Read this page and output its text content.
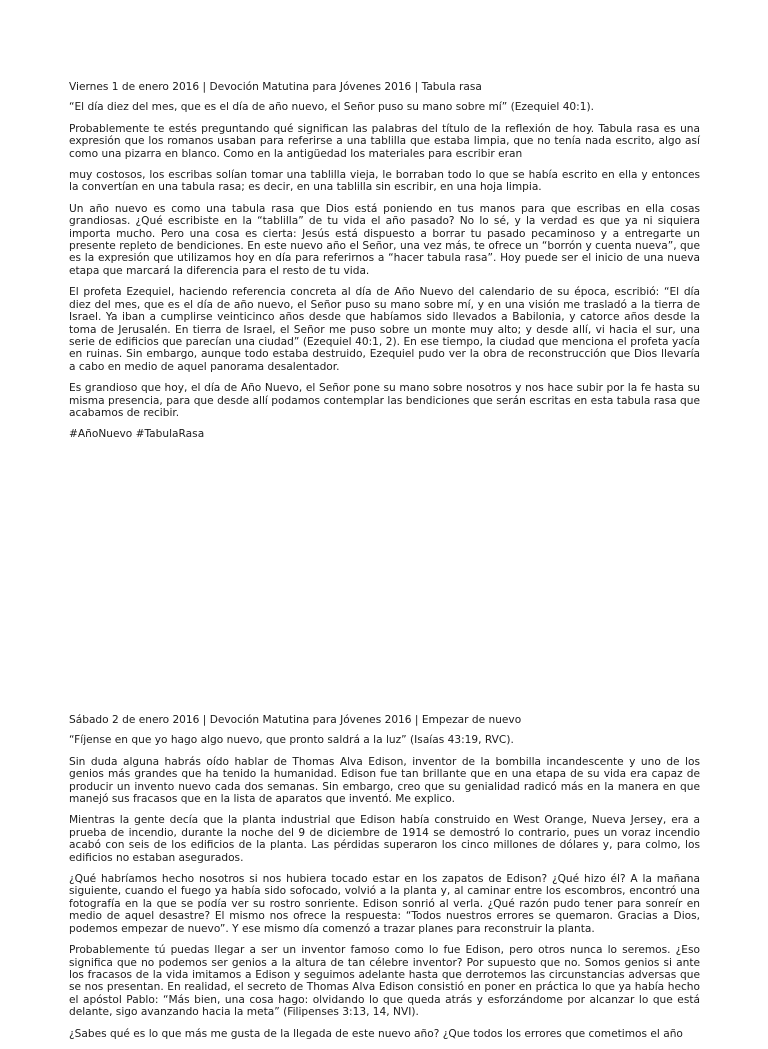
Viernes 1 de enero 2016 | Devoción Matutina para Jóvenes 2016 | Tabula rasa

“El día diez del mes, que es el día de año nuevo, el Señor puso su mano sobre mí” (Ezequiel 40:1).

Probablemente te estés preguntando qué significan las palabras del título de la reflexión de hoy. Tabula rasa es una expresión que los romanos usaban para referirse a una tablilla que estaba limpia, que no tenía nada escrito, algo así como una pizarra en blanco. Como en la antigüedad los materiales para escribir eran

muy costosos, los escribas solían tomar una tablilla vieja, le borraban todo lo que se había escrito en ella y entonces la convertían en una tabula rasa; es decir, en una tablilla sin escribir, en una hoja limpia.

Un año nuevo es como una tabula rasa que Dios está poniendo en tus manos para que escribas en ella cosas grandiosas. ¿Qué escribiste en la “tablilla” de tu vida el año pasado? No lo sé, y la verdad es que ya ni siquiera importa mucho. Pero una cosa es cierta: Jesús está dispuesto a borrar tu pasado pecaminoso y a entregarte un presente repleto de bendiciones. En este nuevo año el Señor, una vez más, te ofrece un “borrón y cuenta nueva”, que es la expresión que utilizamos hoy en día para referirnos a “hacer tabula rasa”. Hoy puede ser el inicio de una nueva etapa que marcará la diferencia para el resto de tu vida.

El profeta Ezequiel, haciendo referencia concreta al día de Año Nuevo del calendario de su época, escribió: “El día diez del mes, que es el día de año nuevo, el Señor puso su mano sobre mí, y en una visión me trasladó a la tierra de Israel. Ya iban a cumplirse veinticinco años desde que habíamos sido llevados a Babilonia, y catorce años desde la toma de Jerusalén. En tierra de Israel, el Señor me puso sobre un monte muy alto; y desde allí, vi hacia el sur, una serie de edificios que parecían una ciudad” (Ezequiel 40:1, 2). En ese tiempo, la ciudad que menciona el profeta yacía en ruinas. Sin embargo, aunque todo estaba destruido, Ezequiel pudo ver la obra de reconstrucción que Dios llevaría a cabo en medio de aquel panorama desalentador.

Es grandioso que hoy, el día de Año Nuevo, el Señor pone su mano sobre nosotros y nos hace subir por la fe hasta su misma presencia, para que desde allí podamos contemplar las bendiciones que serán escritas en esta tabula rasa que acabamos de recibir.

#AñoNuevo #TabulaRasa

Sábado 2 de enero 2016 | Devoción Matutina para Jóvenes 2016 | Empezar de nuevo

“Fíjense en que yo hago algo nuevo, que pronto saldrá a la luz” (Isaías 43:19, RVC).

Sin duda alguna habrás oído hablar de Thomas Alva Edison, inventor de la bombilla incandescente y uno de los genios más grandes que ha tenido la humanidad. Edison fue tan brillante que en una etapa de su vida era capaz de producir un invento nuevo cada dos semanas. Sin embargo, creo que su genialidad radicó más en la manera en que manejó sus fracasos que en la lista de aparatos que inventó. Me explico.

Mientras la gente decía que la planta industrial que Edison había construido en West Orange, Nueva Jersey, era a prueba de incendio, durante la noche del 9 de diciembre de 1914 se demostró lo contrario, pues un voraz incendio acabó con seis de los edificios de la planta. Las pérdidas superaron los cinco millones de dólares y, para colmo, los edificios no estaban asegurados.

¿Qué habríamos hecho nosotros si nos hubiera tocado estar en los zapatos de Edison? ¿Qué hizo él? A la mañana siguiente, cuando el fuego ya había sido sofocado, volvió a la planta y, al caminar entre los escombros, encontró una fotografía en la que se podía ver su rostro sonriente. Edison sonrió al verla. ¿Qué razón pudo tener para sonreír en medio de aquel desastre? El mismo nos ofrece la respuesta: “Todos nuestros errores se quemaron. Gracias a Dios, podemos empezar de nuevo”. Y ese mismo día comenzó a trazar planes para reconstruir la planta.

Probablemente tú puedas llegar a ser un inventor famoso como lo fue Edison, pero otros nunca lo seremos. ¿Eso significa que no podemos ser genios a la altura de tan célebre inventor? Por supuesto que no. Somos genios si ante los fracasos de la vida imitamos a Edison y seguimos adelante hasta que derrotemos las circunstancias adversas que se nos presentan. En realidad, el secreto de Thomas Alva Edison consistió en poner en práctica lo que ya había hecho el apóstol Pablo: “Más bien, una cosa hago: olvidando lo que queda atrás y esforzándome por alcanzar lo que está delante, sigo avanzando hacia la meta” (Filipenses 3:13, 14, NVI).

¿Sabes qué es lo que más me gusta de la llegada de este nuevo año? ¿Que todos los errores que cometimos el año
